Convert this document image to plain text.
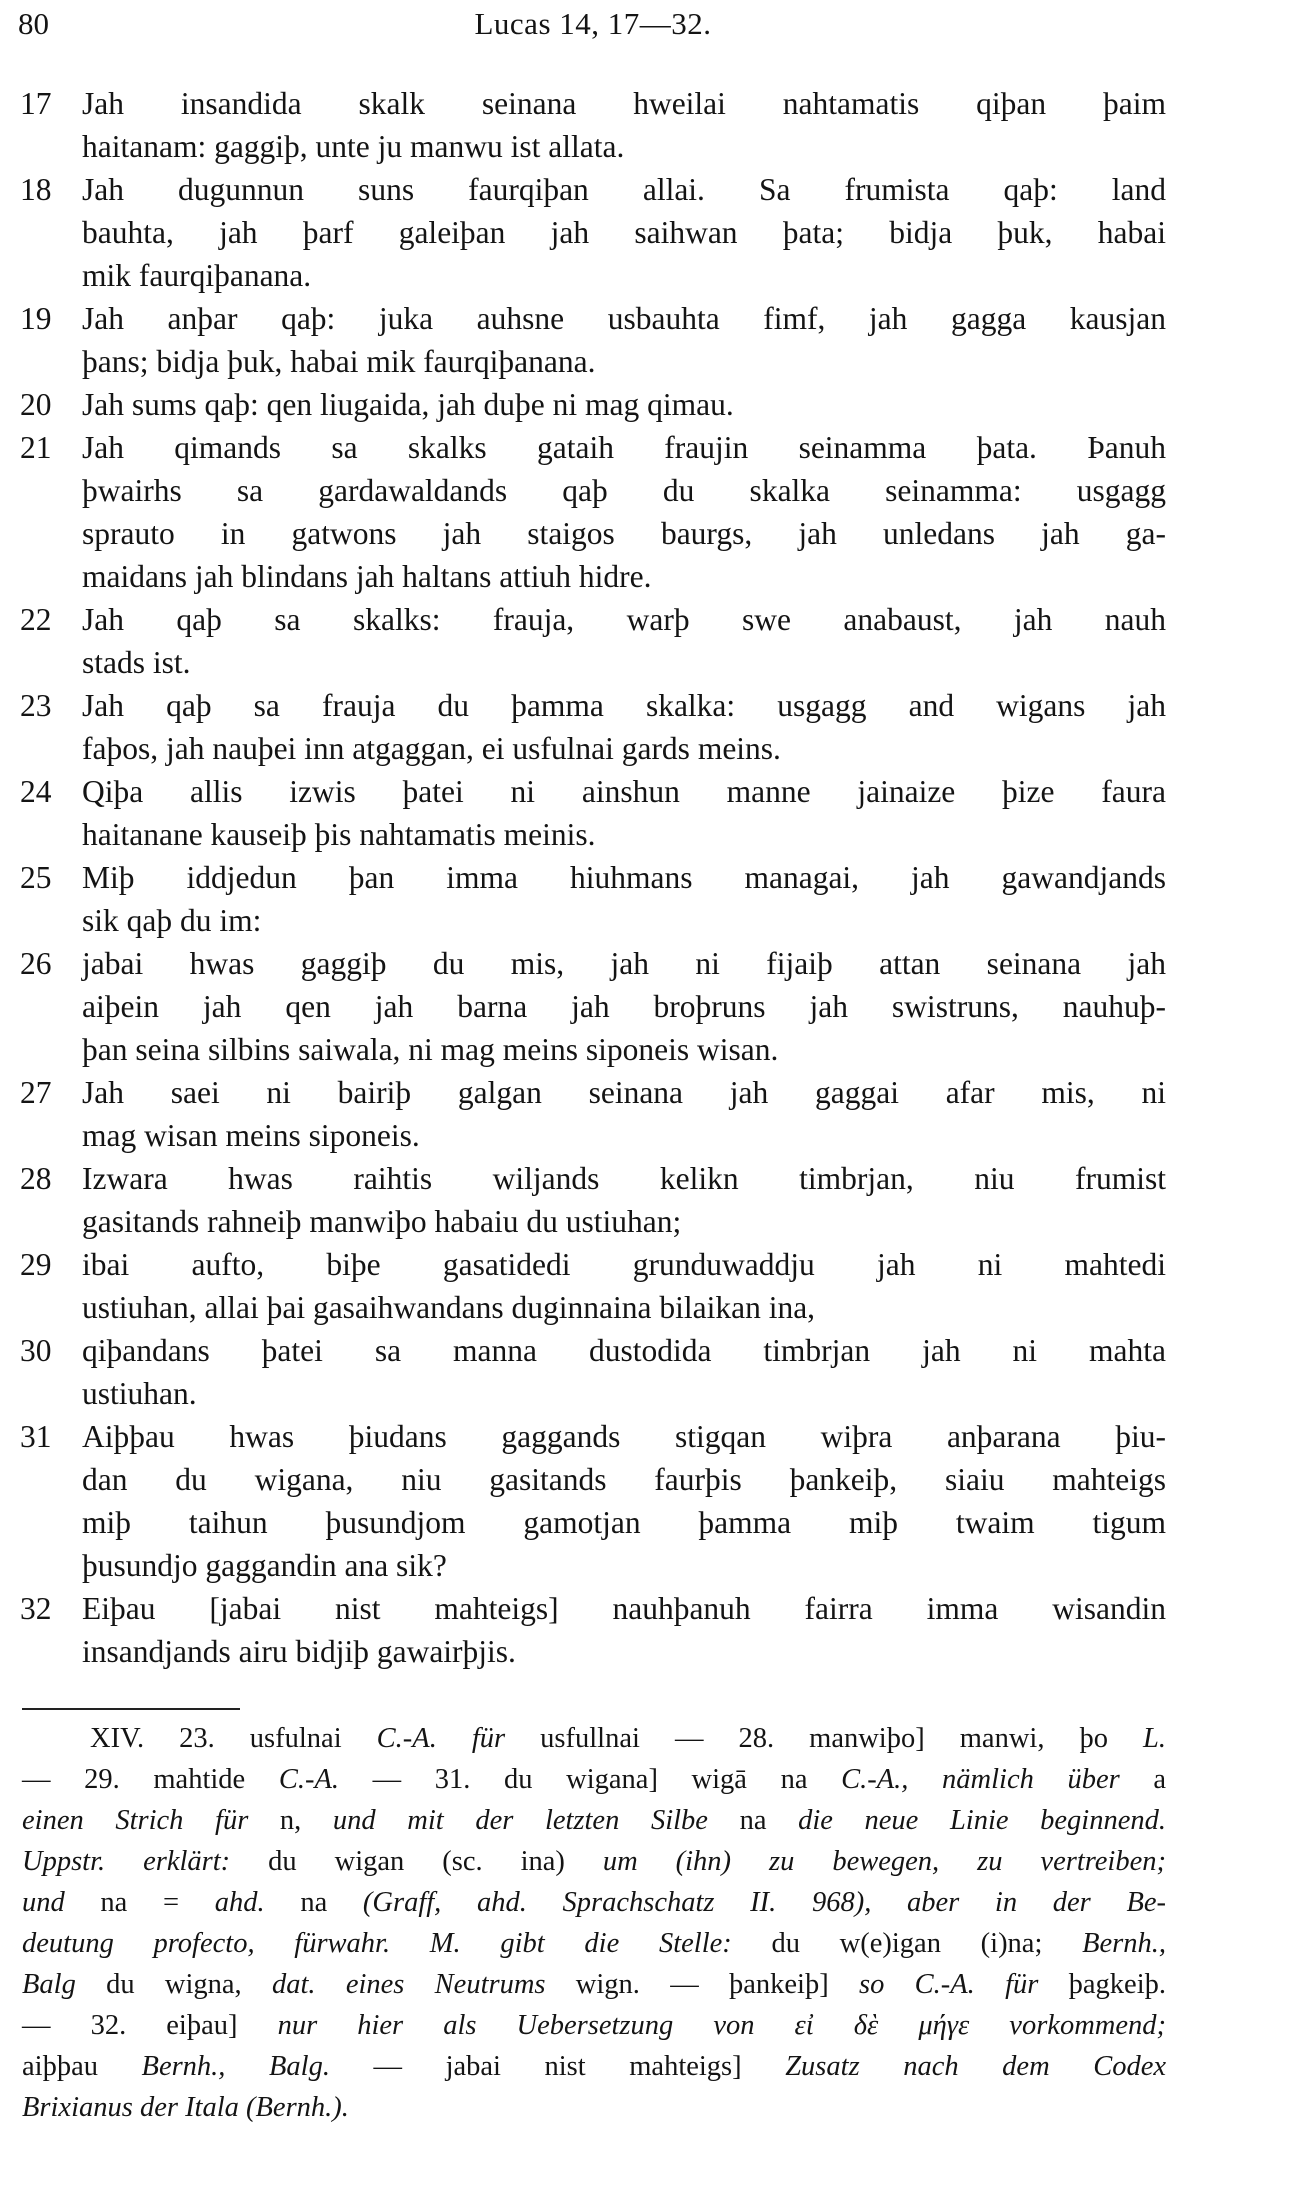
80	Lucas 14, 17—32.
17 Jah insandida skalk seinana hweilai nahtamatis qiþan þaim
haitanam: gaggiþ, unte ju manwu ist allata.
18 Jah dugunnun suns faurqiþan allai. Sa frumista qaþ: land
bauhta, jah þarf galeiþan jah saihwan þata; bidja þuk, habai
mik faurqiþanana.
19 Jah anþar qaþ: juka auhsne usbauhta fimf, jah gagga kausjan
þans; bidja þuk, habai mik faurqiþanana.
20 Jah sums qaþ: qen liugaida, jah duþe ni mag qimau.
21 Jah qimands sa skalks gataih fraujin seinamma þata. Þanuh
þwairhs sa gardawaldands qaþ du skalka seinamma: usgagg
sprauto in gatwons jah staigos baurgs, jah unledans jah ga-
maidans jah blindans jah haltans attiuh hidre.
22 Jah qaþ sa skalks: frauja, warþ swe anabaust, jah nauh
stads ist.
23 Jah qaþ sa frauja du þamma skalka: usgagg and wigans jah
faþos, jah nauþei inn atgaggan, ei usfulnai gards meins.
24 Qiþa allis izwis þatei ni ainshun manne jainaize þize faura
haitanane kauseiþ þis nahtamatis meinis.
25 Miþ iddjedun þan imma hiuhmans managai, jah gawandjands
sik qaþ du im:
26 jabai hwas gaggiþ du mis, jah ni fijaiþ attan seinana jah
aiþein jah qen jah barna jah broþruns jah swistruns, nauhuþ-
þan seina silbins saiwala, ni mag meins siponeis wisan.
27 Jah saei ni bairiþ galgan seinana jah gaggai afar mis, ni
mag wisan meins siponeis.
28 Izwara hwas raihtis wiljands kelikn timbrjan, niu frumist
gasitands rahneiþ manwiþo habaiu du ustiuhan;
29 ibai aufto, biþe gasatidedi grunduwaddju jah ni mahtedi
ustiuhan, allai þai gasaihwandans duginnaina bilaikan ina,
30 qiþandans þatei sa manna dustodida timbrjan jah ni mahta
ustiuhan.
31 Aiþþau hwas þiudans gaggands stigqan wiþra anþarana þiu-
dan du wigana, niu gasitands faurþis þankeiþ, siaiu mahteigs
miþ taihun þusundjom gamotjan þamma miþ twaim tigum
þusundjo gaggandin ana sik?
32 Eiþau [jabai nist mahteigs] nauhþanuh fairra imma wisandin
insandjands airu bidjiþ gawairþjis.
XIV. 23. usfulnai C.-A. für usfullnai — 28. manwiþo] manwi, þo L.
— 29. mahtide C.-A. — 31. du wigana] wigā na C.-A., nämlich über a
einen Strich für n, und mit der letzten Silbe na die neue Linie beginnend.
Uppstr. erklärt: du wigan (sc. ina) um (ihn) zu bewegen, zu vertreiben;
und na = ahd. na (Graff, ahd. Sprachschatz II. 968), aber in der Be-
deutung profecto, fürwahr. M. gibt die Stelle: du w(e)igan (i)na; Bernh.,
Balg du wigna, dat. eines Neutrums wign. — þankeiþ] so C.-A. für þagkeiþ.
— 32. eiþau] nur hier als Uebersetzung von εἰ δὲ μήγε vorkommend;
aiþþau Bernh., Balg. — jabai nist mahteigs] Zusatz nach dem Codex
Brixianus der Itala (Bernh.).
